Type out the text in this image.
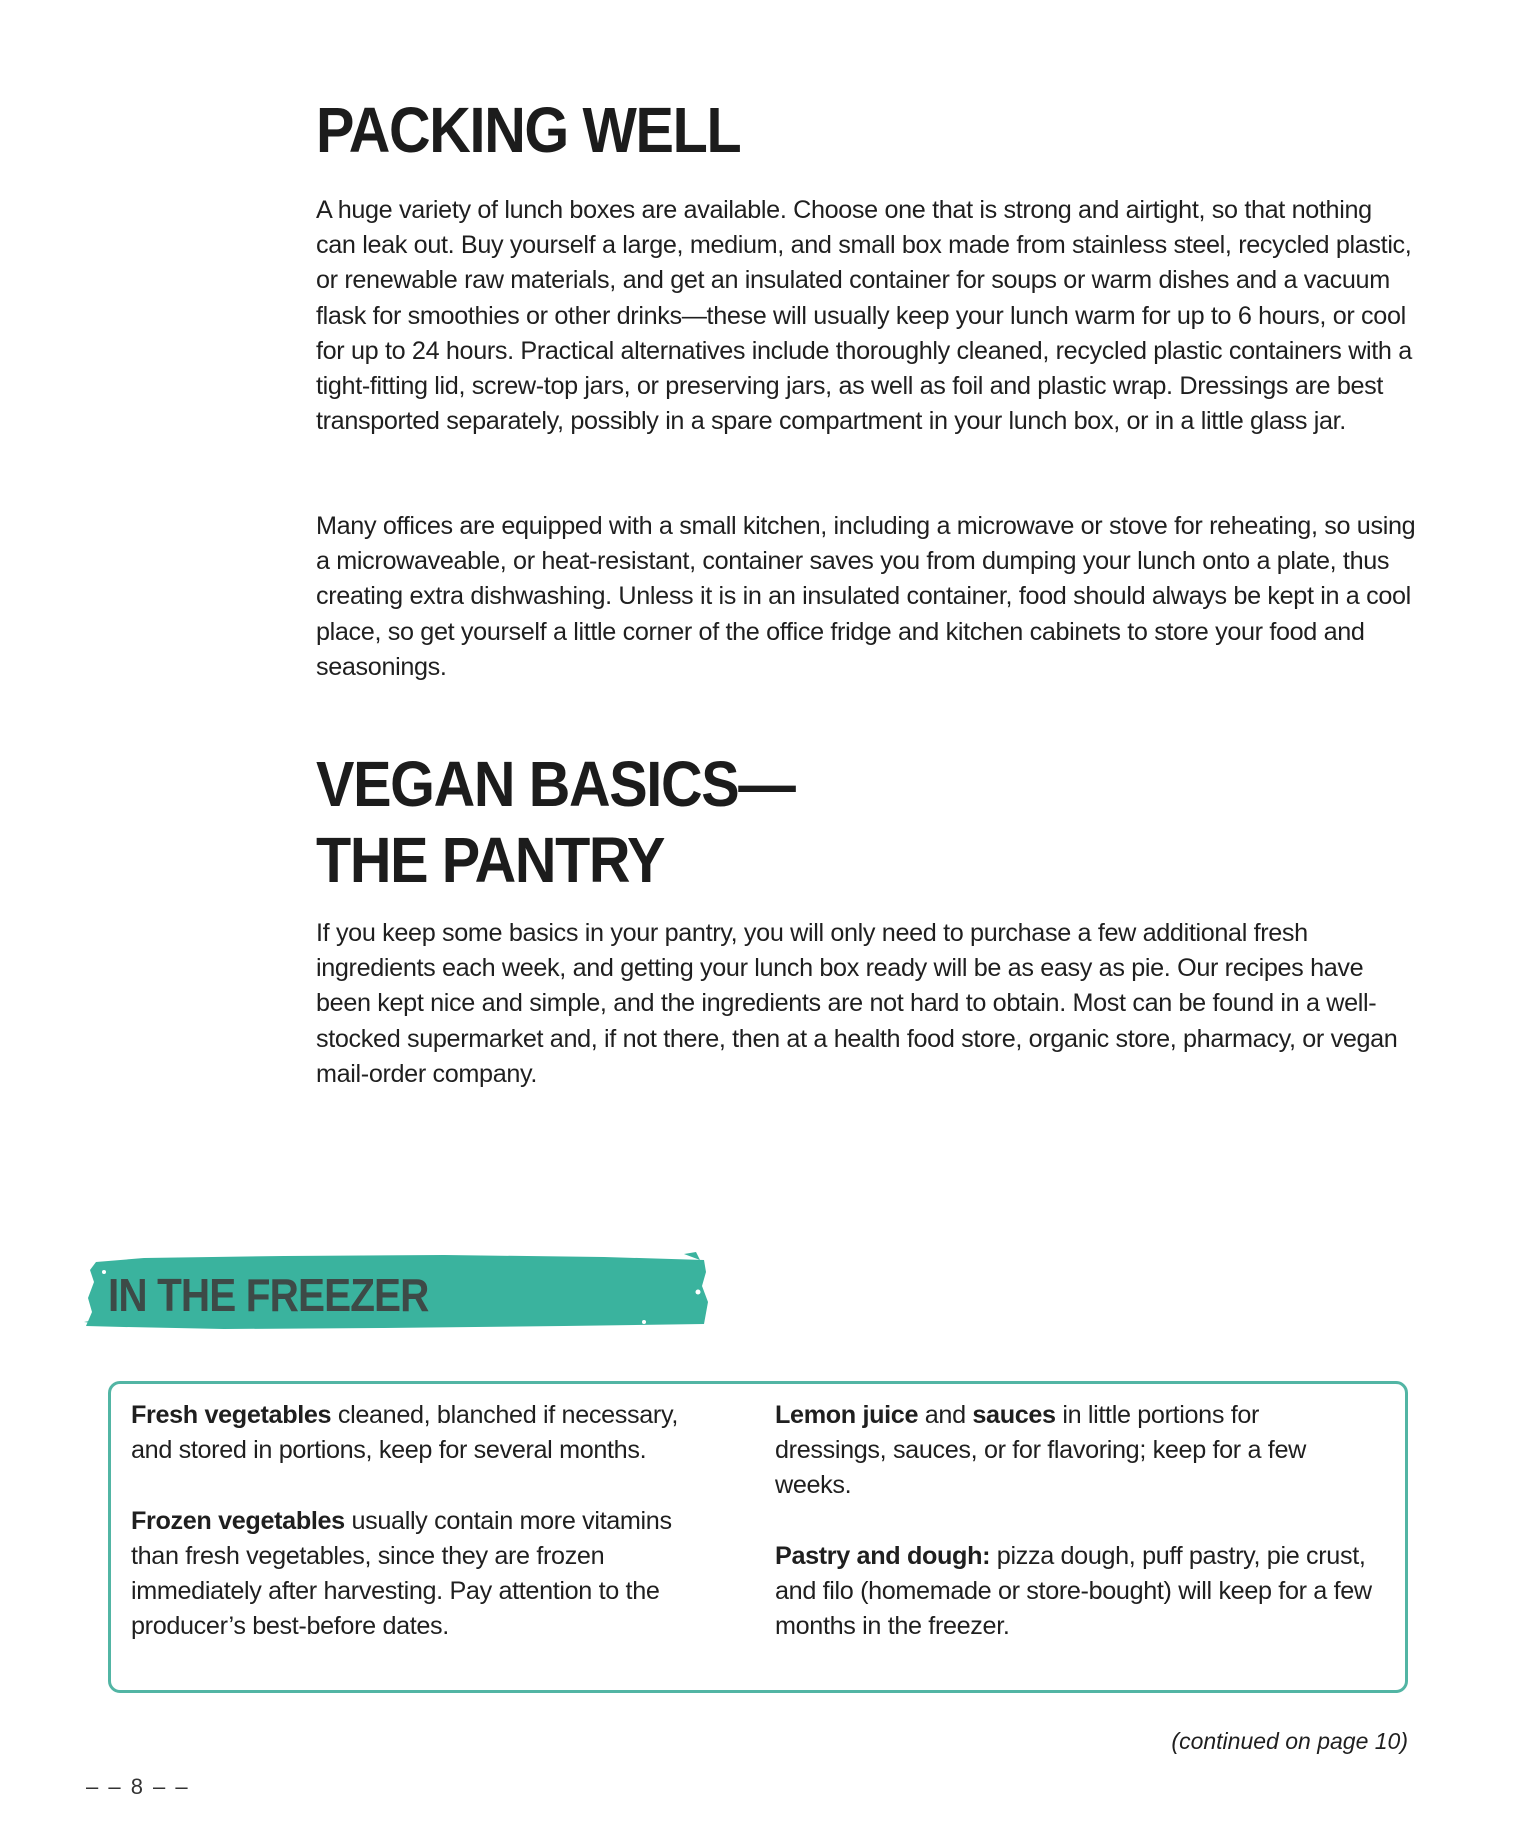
PACKING WELL

A huge variety of lunch boxes are available. Choose one that is strong and airtight, so that nothing can leak out. Buy yourself a large, medium, and small box made from stainless steel, recycled plastic, or renewable raw materials, and get an insulated container for soups or warm dishes and a vacuum flask for smoothies or other drinks—these will usually keep your lunch warm for up to 6 hours, or cool for up to 24 hours. Practical alternatives include thoroughly cleaned, recycled plastic containers with a tight-fitting lid, screw-top jars, or preserving jars, as well as foil and plastic wrap. Dressings are best transported separately, possibly in a spare compartment in your lunch box, or in a little glass jar.

Many offices are equipped with a small kitchen, including a microwave or stove for reheating, so using a microwaveable, or heat-resistant, container saves you from dumping your lunch onto a plate, thus creating extra dishwashing. Unless it is in an insulated container, food should always be kept in a cool place, so get yourself a little corner of the office fridge and kitchen cabinets to store your food and seasonings.

VEGAN BASICS—
THE PANTRY

If you keep some basics in your pantry, you will only need to purchase a few additional fresh ingredients each week, and getting your lunch box ready will be as easy as pie. Our recipes have been kept nice and simple, and the ingredients are not hard to obtain. Most can be found in a well-stocked supermarket and, if not there, then at a health food store, organic store, pharmacy, or vegan mail-order company.

IN THE FREEZER

Fresh vegetables cleaned, blanched if necessary, and stored in portions, keep for several months.

Frozen vegetables usually contain more vitamins than fresh vegetables, since they are frozen immediately after harvesting. Pay attention to the producer’s best-before dates.

Lemon juice and sauces in little portions for dressings, sauces, or for flavoring; keep for a few weeks.

Pastry and dough: pizza dough, puff pastry, pie crust, and filo (homemade or store-bought) will keep for a few months in the freezer.

(continued on page 10)
– – 8 – –
